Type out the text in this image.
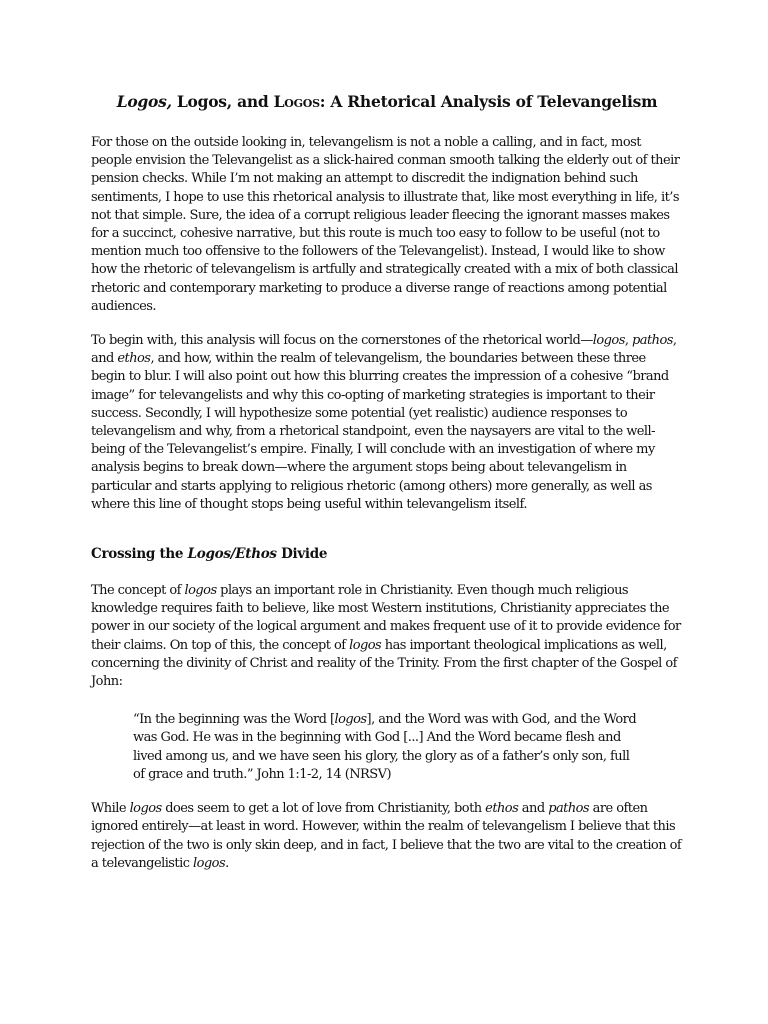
Logos, Logos, and Logos: A Rhetorical Analysis of Televangelism

For those on the outside looking in, televangelism is not a noble a calling, and in fact, most people envision the Televangelist as a slick-haired conman smooth talking the elderly out of their pension checks. While I’m not making an attempt to discredit the indignation behind such sentiments, I hope to use this rhetorical analysis to illustrate that, like most everything in life, it’s not that simple. Sure, the idea of a corrupt religious leader fleecing the ignorant masses makes for a succinct, cohesive narrative, but this route is much too easy to follow to be useful (not to mention much too offensive to the followers of the Televangelist). Instead, I would like to show how the rhetoric of televangelism is artfully and strategically created with a mix of both classical rhetoric and contemporary marketing to produce a diverse range of reactions among potential audiences.

To begin with, this analysis will focus on the cornerstones of the rhetorical world—logos, pathos, and ethos, and how, within the realm of televangelism, the boundaries between these three begin to blur. I will also point out how this blurring creates the impression of a cohesive “brand image” for televangelists and why this co-opting of marketing strategies is important to their success. Secondly, I will hypothesize some potential (yet realistic) audience responses to televangelism and why, from a rhetorical standpoint, even the naysayers are vital to the well-being of the Televangelist’s empire. Finally, I will conclude with an investigation of where my analysis begins to break down—where the argument stops being about televangelism in particular and starts applying to religious rhetoric (among others) more generally, as well as where this line of thought stops being useful within televangelism itself.

Crossing the Logos/Ethos Divide

The concept of logos plays an important role in Christianity. Even though much religious knowledge requires faith to believe, like most Western institutions, Christianity appreciates the power in our society of the logical argument and makes frequent use of it to provide evidence for their claims. On top of this, the concept of logos has important theological implications as well, concerning the divinity of Christ and reality of the Trinity. From the first chapter of the Gospel of John:

“In the beginning was the Word [logos], and the Word was with God, and the Word was God. He was in the beginning with God [...] And the Word became flesh and lived among us, and we have seen his glory, the glory as of a father’s only son, full of grace and truth.” John 1:1-2, 14 (NRSV)

While logos does seem to get a lot of love from Christianity, both ethos and pathos are often ignored entirely—at least in word. However, within the realm of televangelism I believe that this rejection of the two is only skin deep, and in fact, I believe that the two are vital to the creation of a televangelistic logos.
